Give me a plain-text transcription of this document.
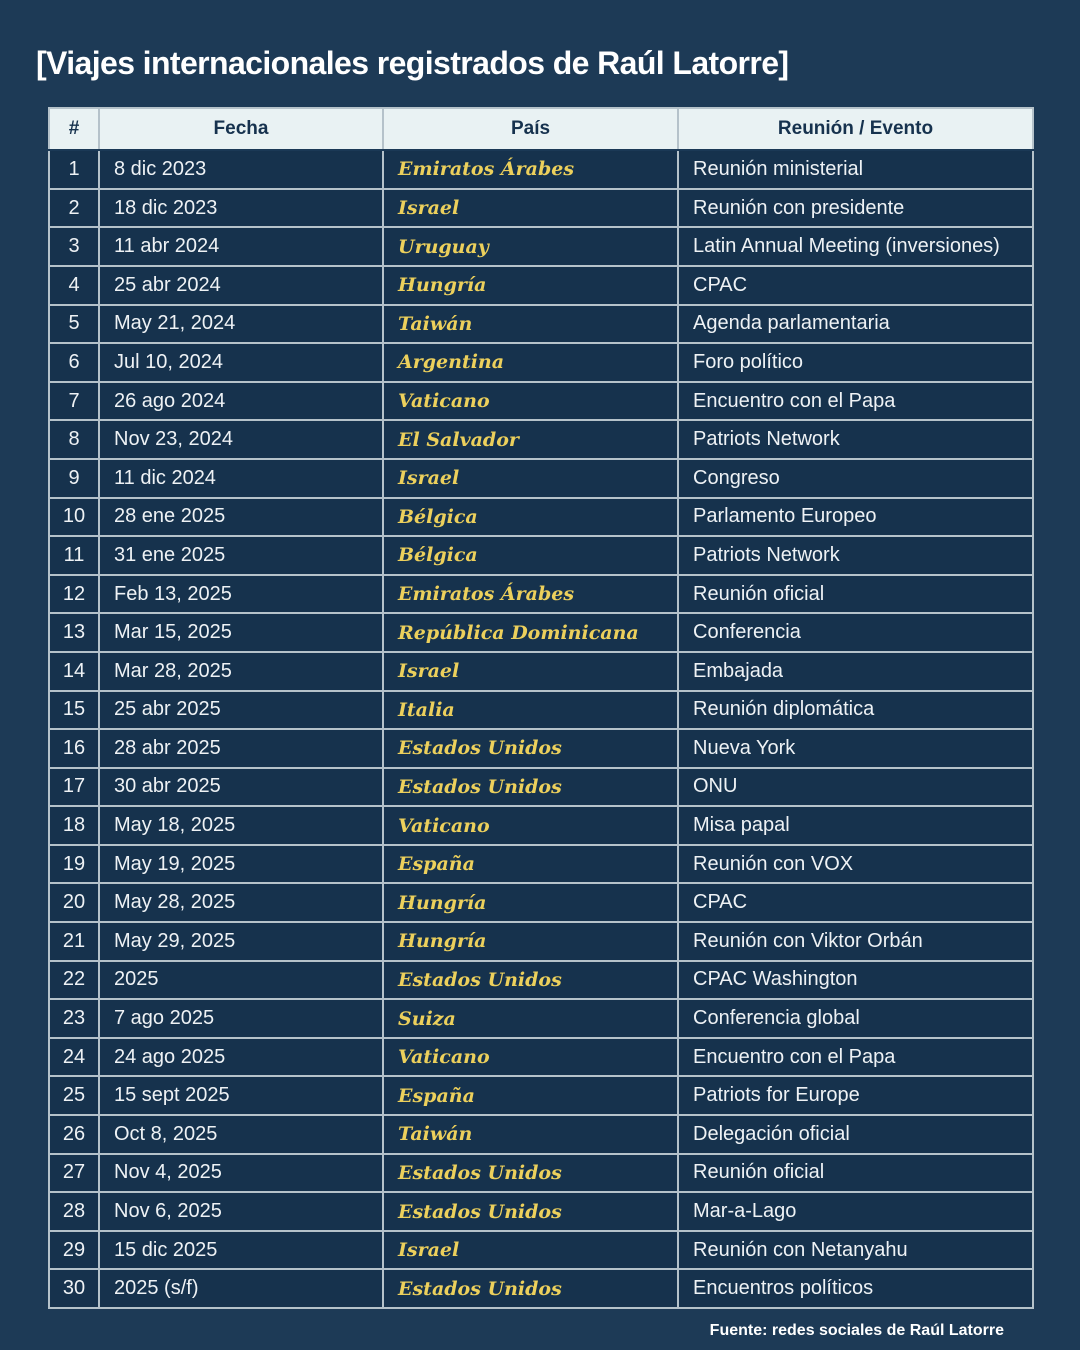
[Viajes internacionales registrados de Raúl Latorre]
#	Fecha	País	Reunión / Evento
1	8 dic 2023	Emiratos Árabes	Reunión ministerial
2	18 dic 2023	Israel	Reunión con presidente
3	11 abr 2024	Uruguay	Latin Annual Meeting (inversiones)
4	25 abr 2024	Hungría	CPAC
5	May 21, 2024	Taiwán	Agenda parlamentaria
6	Jul 10, 2024	Argentina	Foro político
7	26 ago 2024	Vaticano	Encuentro con el Papa
8	Nov 23, 2024	El Salvador	Patriots Network
9	11 dic 2024	Israel	Congreso
10	28 ene 2025	Bélgica	Parlamento Europeo
11	31 ene 2025	Bélgica	Patriots Network
12	Feb 13, 2025	Emiratos Árabes	Reunión oficial
13	Mar 15, 2025	República Dominicana	Conferencia
14	Mar 28, 2025	Israel	Embajada
15	25 abr 2025	Italia	Reunión diplomática
16	28 abr 2025	Estados Unidos	Nueva York
17	30 abr 2025	Estados Unidos	ONU
18	May 18, 2025	Vaticano	Misa papal
19	May 19, 2025	España	Reunión con VOX
20	May 28, 2025	Hungría	CPAC
21	May 29, 2025	Hungría	Reunión con Viktor Orbán
22	2025	Estados Unidos	CPAC Washington
23	7 ago 2025	Suiza	Conferencia global
24	24 ago 2025	Vaticano	Encuentro con el Papa
25	15 sept 2025	España	Patriots for Europe
26	Oct 8, 2025	Taiwán	Delegación oficial
27	Nov 4, 2025	Estados Unidos	Reunión oficial
28	Nov 6, 2025	Estados Unidos	Mar-a-Lago
29	15 dic 2025	Israel	Reunión con Netanyahu
30	2025 (s/f)	Estados Unidos	Encuentros políticos
Fuente: redes sociales de Raúl Latorre
